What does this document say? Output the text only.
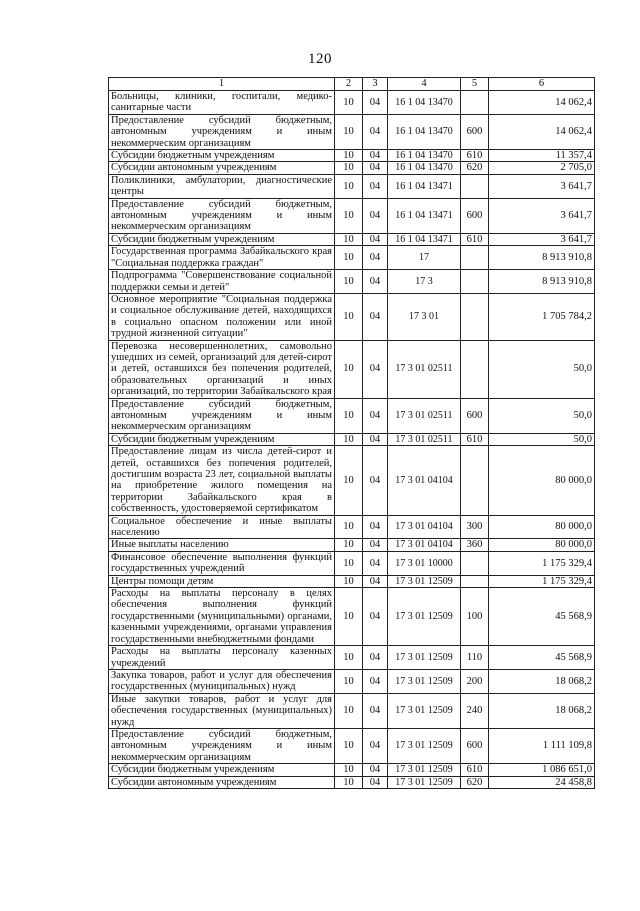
120
1	2	3	4	5	6
Больницы, клиники, госпитали, медико-санитарные части	10	04	16 1 04 13470		14 062,4
Предоставление субсидий бюджетным, автономным учреждениям и иным некоммерческим организациям	10	04	16 1 04 13470	600	14 062,4
Субсидии бюджетным учреждениям	10	04	16 1 04 13470	610	11 357,4
Субсидии автономным учреждениям	10	04	16 1 04 13470	620	2 705,0
Поликлиники, амбулатории, диагностические центры	10	04	16 1 04 13471		3 641,7
Предоставление субсидий бюджетным, автономным учреждениям и иным некоммерческим организациям	10	04	16 1 04 13471	600	3 641,7
Субсидии бюджетным учреждениям	10	04	16 1 04 13471	610	3 641,7
Государственная программа Забайкальского края "Социальная поддержка граждан"	10	04	17		8 913 910,8
Подпрограмма "Совершенствование социальной поддержки семьи и детей"	10	04	17 3		8 913 910,8
Основное мероприятие "Социальная поддержка и социальное обслуживание детей, находящихся в социально опасном положении или иной трудной жизненной ситуации"	10	04	17 3 01		1 705 784,2
Перевозка несовершеннолетних, самовольно ушедших из семей, организаций для детей-сирот и детей, оставшихся без попечения родителей, образовательных организаций и иных организаций, по территории Забайкальского края	10	04	17 3 01 02511		50,0
Предоставление субсидий бюджетным, автономным учреждениям и иным некоммерческим организациям	10	04	17 3 01 02511	600	50,0
Субсидии бюджетным учреждениям	10	04	17 3 01 02511	610	50,0
Предоставление лицам из числа детей-сирот и детей, оставшихся без попечения родителей, достигшим возраста 23 лет, социальной выплаты на приобретение жилого помещения на территории Забайкальского края в собственность, удостоверяемой сертификатом	10	04	17 3 01 04104		80 000,0
Социальное обеспечение и иные выплаты населению	10	04	17 3 01 04104	300	80 000,0
Иные выплаты населению	10	04	17 3 01 04104	360	80 000,0
Финансовое обеспечение выполнения функций государственных учреждений	10	04	17 3 01 10000		1 175 329,4
Центры помощи детям	10	04	17 3 01 12509		1 175 329,4
Расходы на выплаты персоналу в целях обеспечения выполнения функций государственными (муниципальными) органами, казенными учреждениями, органами управления государственными внебюджетными фондами	10	04	17 3 01 12509	100	45 568,9
Расходы на выплаты персоналу казенных учреждений	10	04	17 3 01 12509	110	45 568,9
Закупка товаров, работ и услуг для обеспечения государственных (муниципальных) нужд	10	04	17 3 01 12509	200	18 068,2
Иные закупки товаров, работ и услуг для обеспечения государственных (муниципальных) нужд	10	04	17 3 01 12509	240	18 068,2
Предоставление субсидий бюджетным, автономным учреждениям и иным некоммерческим организациям	10	04	17 3 01 12509	600	1 111 109,8
Субсидии бюджетным учреждениям	10	04	17 3 01 12509	610	1 086 651,0
Субсидии автономным учреждениям	10	04	17 3 01 12509	620	24 458,8
